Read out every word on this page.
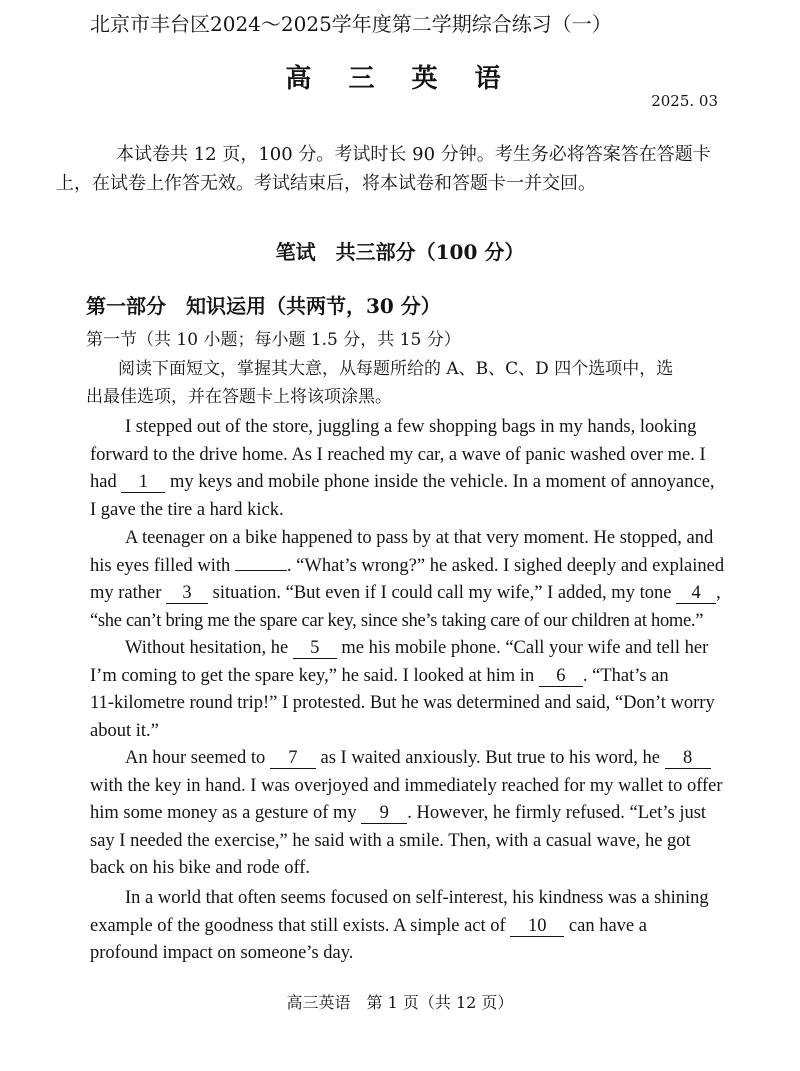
北京市丰台区2024～2025学年度第二学期综合练习（一）
高 三 英 语
2025. 03
本试卷共 12 页，100 分。考试时长 90 分钟。考生务必将答案答在答题卡
上，在试卷上作答无效。考试结束后，将本试卷和答题卡一并交回。
笔试　共三部分（100 分）
第一部分　知识运用（共两节，30 分）
第一节（共 10 小题；每小题 1.5 分，共 15 分）
阅读下面短文，掌握其大意，从每题所给的 A、B、C、D 四个选项中，选
出最佳选项，并在答题卡上将该项涂黑。
I stepped out of the store, juggling a few shopping bags in my hands, looking
forward to the drive home. As I reached my car, a wave of panic washed over me. I
had 1 my keys and mobile phone inside the vehicle. In a moment of annoyance,
I gave the tire a hard kick.
A teenager on a bike happened to pass by at that very moment. He stopped, and
his eyes filled with	. “What’s wrong?” he asked. I sighed deeply and explained
my rather 3 situation. “But even if I could call my wife,” I added, my tone 4 ,
“she can’t bring me the spare car key, since she’s taking care of our children at home.”
Without hesitation, he 5 me his mobile phone. “Call your wife and tell her
I’m coming to get the spare key,” he said. I looked at him in 6 . “That’s an
11-kilometre round trip!” I protested. But he was determined and said, “Don’t worry
about it.”
An hour seemed to 7 as I waited anxiously. But true to his word, he 8
with the key in hand. I was overjoyed and immediately reached for my wallet to offer
him some money as a gesture of my 9 . However, he firmly refused. “Let’s just
say I needed the exercise,” he said with a smile. Then, with a casual wave, he got
back on his bike and rode off.
In a world that often seems focused on self-interest, his kindness was a shining
example of the goodness that still exists. A simple act of 10 can have a
profound impact on someone’s day.
高三英语　第 1 页（共 12 页）
